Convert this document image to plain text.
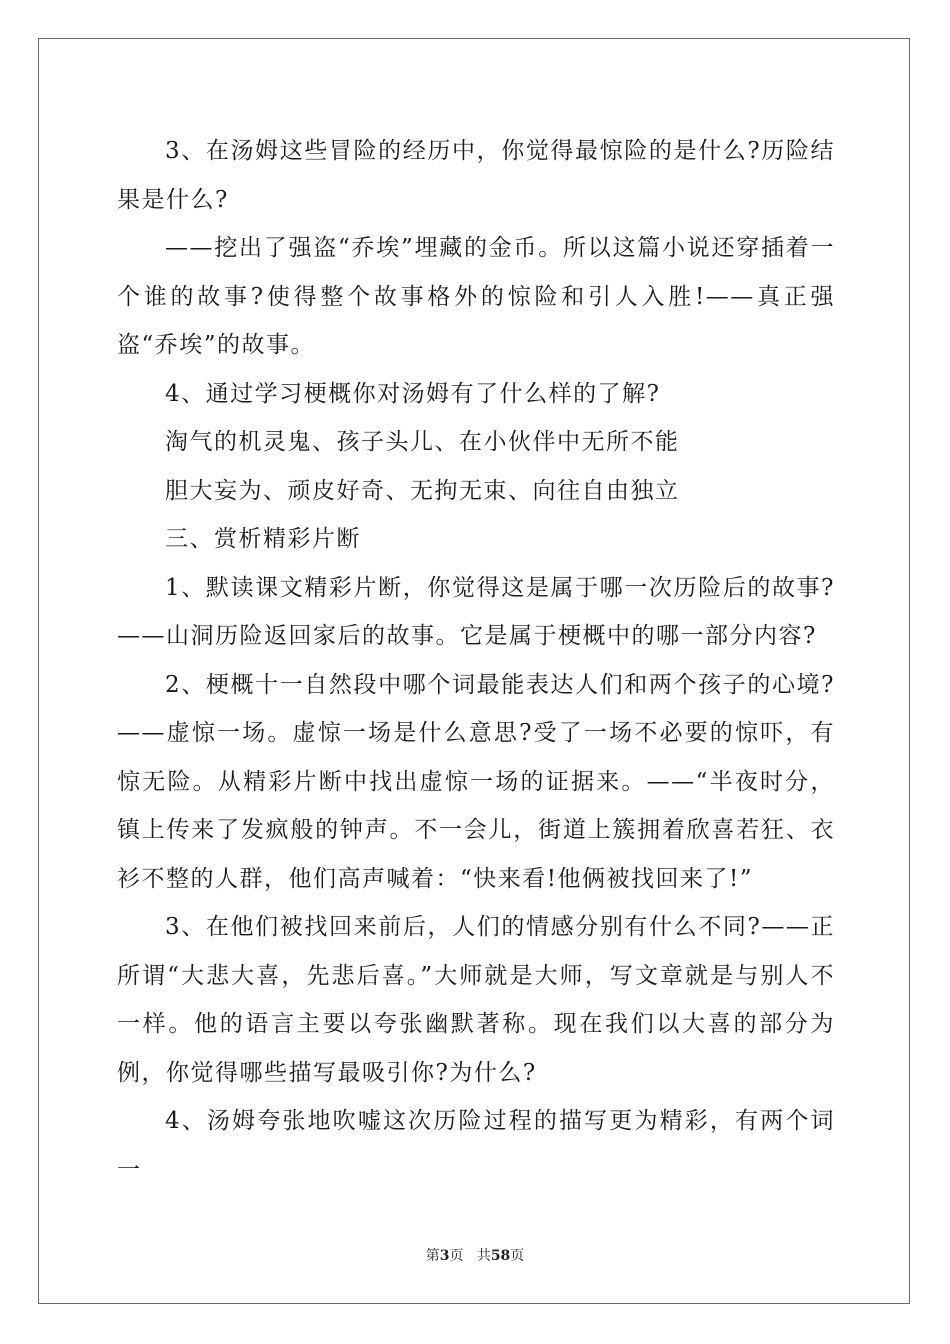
3、在汤姆这些冒险的经历中，你觉得最惊险的是什么?历险结果是什么?

——挖出了强盗“乔埃”埋藏的金币。所以这篇小说还穿插着一个谁的故事?使得整个故事格外的惊险和引人入胜!——真正强盗“乔埃”的故事。

4、通过学习梗概你对汤姆有了什么样的了解?

淘气的机灵鬼、孩子头儿、在小伙伴中无所不能

胆大妄为、顽皮好奇、无拘无束、向往自由独立

三、赏析精彩片断

1、默读课文精彩片断，你觉得这是属于哪一次历险后的故事?——山洞历险返回家后的故事。它是属于梗概中的哪一部分内容?

2、梗概十一自然段中哪个词最能表达人们和两个孩子的心境?——虚惊一场。虚惊一场是什么意思?受了一场不必要的惊吓，有惊无险。从精彩片断中找出虚惊一场的证据来。——“半夜时分，镇上传来了发疯般的钟声。不一会儿，街道上簇拥着欣喜若狂、衣衫不整的人群，他们高声喊着：“快来看!他俩被找回来了!”

3、在他们被找回来前后，人们的情感分别有什么不同?——正所谓“大悲大喜，先悲后喜。”大师就是大师，写文章就是与别人不一样。他的语言主要以夸张幽默著称。现在我们以大喜的部分为例，你觉得哪些描写最吸引你?为什么?

4、汤姆夸张地吹嘘这次历险过程的描写更为精彩，有两个词一

第3页 共58页
